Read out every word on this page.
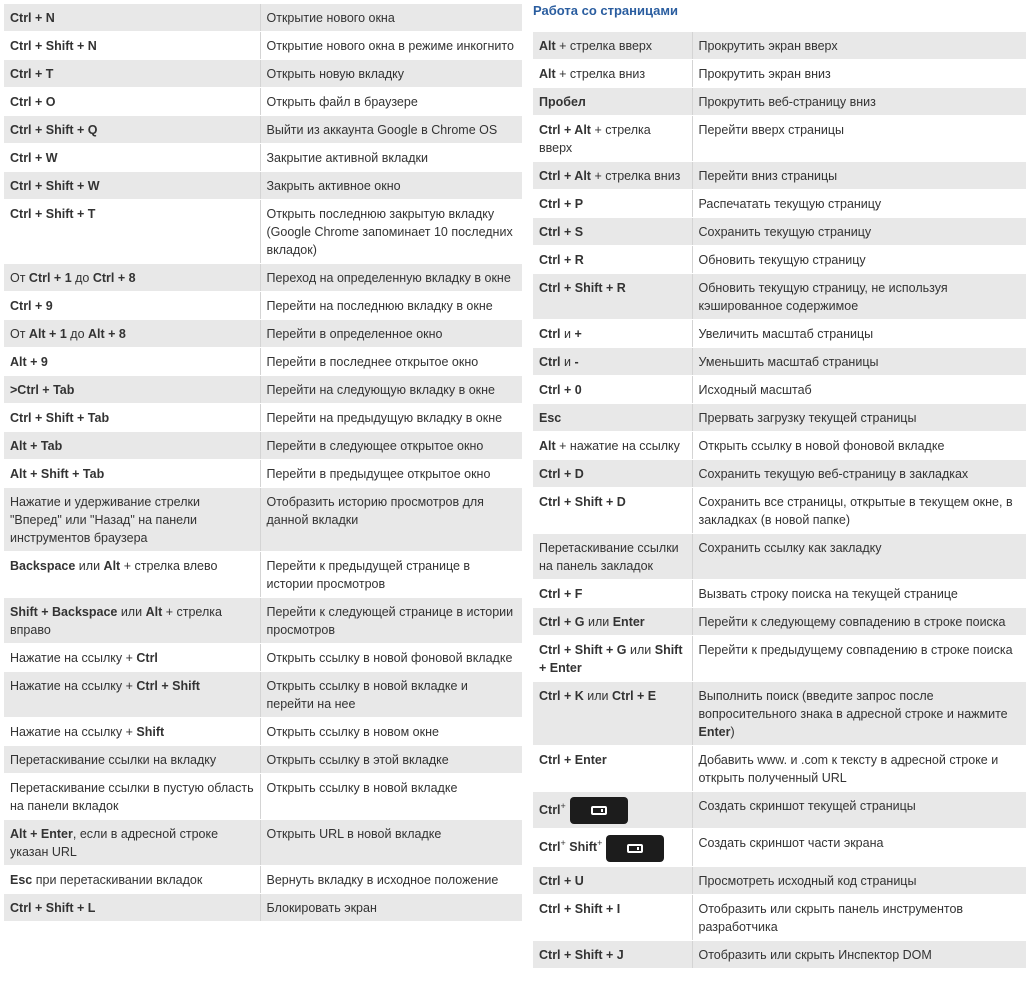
Ctrl + N	Открытие нового окна
Ctrl + Shift + N	Открытие нового окна в режиме инкогнито
Ctrl + T	Открыть новую вкладку
Ctrl + O	Открыть файл в браузере
Ctrl + Shift + Q	Выйти из аккаунта Google в Chrome OS
Ctrl + W	Закрытие активной вкладки
Ctrl + Shift + W	Закрыть активное окно
Ctrl + Shift + T	Открыть последнюю закрытую вкладку (Google Chrome запоминает 10 последних вкладок)
От Ctrl + 1 до Ctrl + 8	Переход на определенную вкладку в окне
Ctrl + 9	Перейти на последнюю вкладку в окне
От Alt + 1 до Alt + 8	Перейти в определенное окно
Alt + 9	Перейти в последнее открытое окно
>Ctrl + Tab	Перейти на следующую вкладку в окне
Ctrl + Shift + Tab	Перейти на предыдущую вкладку в окне
Alt + Tab	Перейти в следующее открытое окно
Alt + Shift + Tab	Перейти в предыдущее открытое окно
Нажатие и удерживание стрелки "Вперед" или "Назад" на панели инструментов браузера	Отобразить историю просмотров для данной вкладки
Backspace или Alt + стрелка влево	Перейти к предыдущей странице в истории просмотров
Shift + Backspace или Alt + стрелка вправо	Перейти к следующей странице в истории просмотров
Нажатие на ссылку + Ctrl	Открыть ссылку в новой фоновой вкладке
Нажатие на ссылку + Ctrl + Shift	Открыть ссылку в новой вкладке и перейти на нее
Нажатие на ссылку + Shift	Открыть ссылку в новом окне
Перетаскивание ссылки на вкладку	Открыть ссылку в этой вкладке
Перетаскивание ссылки в пустую область на панели вкладок	Открыть ссылку в новой вкладке
Alt + Enter, если в адресной строке указан URL	Открыть URL в новой вкладке
Esc при перетаскивании вкладок	Вернуть вкладку в исходное положение
Ctrl + Shift + L	Блокировать экран
Работа со страницами
Alt + стрелка вверх	Прокрутить экран вверх
Alt + стрелка вниз	Прокрутить экран вниз
Пробел	Прокрутить веб-страницу вниз
Ctrl + Alt + стрелка вверх	Перейти вверх страницы
Ctrl + Alt + стрелка вниз	Перейти вниз страницы
Ctrl + P	Распечатать текущую страницу
Ctrl + S	Сохранить текущую страницу
Ctrl + R	Обновить текущую страницу
Ctrl + Shift + R	Обновить текущую страницу, не используя кэшированное содержимое
Ctrl и +	Увеличить масштаб страницы
Ctrl и -	Уменьшить масштаб страницы
Ctrl + 0	Исходный масштаб
Esc	Прервать загрузку текущей страницы
Alt + нажатие на ссылку	Открыть ссылку в новой фоновой вкладке
Ctrl + D	Сохранить текущую веб-страницу в закладках
Ctrl + Shift + D	Сохранить все страницы, открытые в текущем окне, в закладках (в новой папке)
Перетаскивание ссылки на панель закладок	Сохранить ссылку как закладку
Ctrl + F	Вызвать строку поиска на текущей странице
Ctrl + G или Enter	Перейти к следующему совпадению в строке поиска
Ctrl + Shift + G или Shift + Enter	Перейти к предыдущему совпадению в строке поиска
Ctrl + K или Ctrl + E	Выполнить поиск (введите запрос после вопросительного знака в адресной строке и нажмите Enter)
Ctrl + Enter	Добавить www. и .com к тексту в адресной строке и открыть полученный URL
Ctrl+	Создать скриншот текущей страницы
Ctrl+ Shift+	Создать скриншот части экрана
Ctrl + U	Просмотреть исходный код страницы
Ctrl + Shift + I	Отобразить или скрыть панель инструментов разработчика
Ctrl + Shift + J	Отобразить или скрыть Инспектор DOM
